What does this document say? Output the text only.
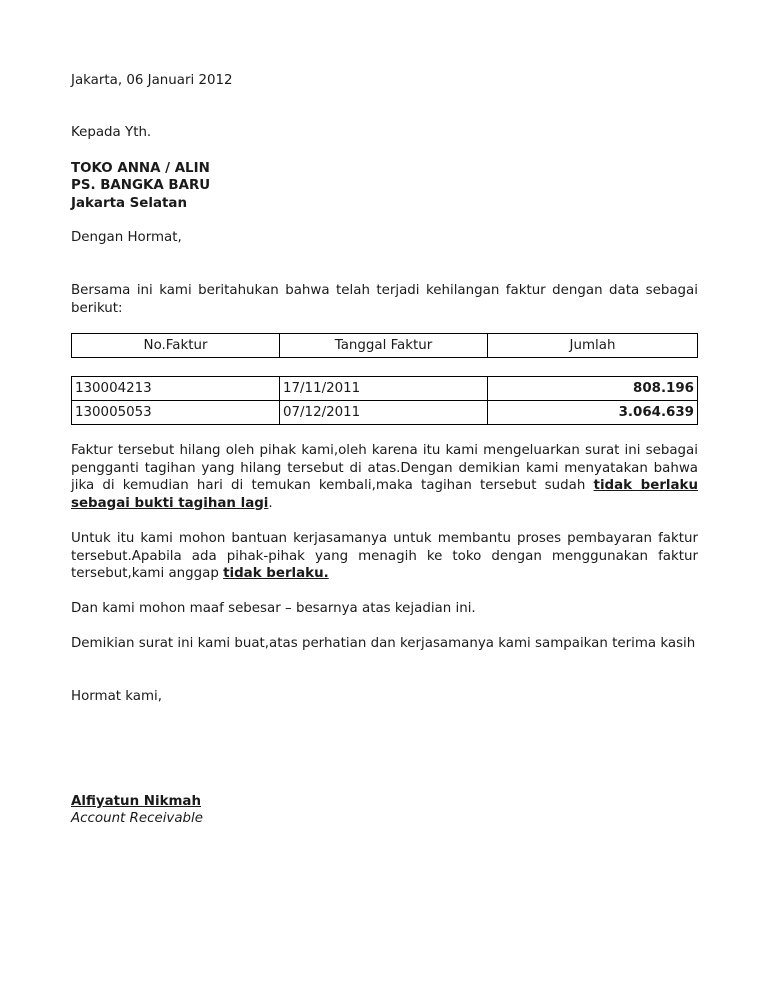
Jakarta, 06 Januari 2012
Kepada Yth.
TOKO ANNA / ALIN
PS. BANGKA BARU
Jakarta Selatan
Dengan Hormat,
Bersama ini kami beritahukan bahwa telah terjadi kehilangan faktur dengan data sebagai berikut:
No.Faktur	Tanggal Faktur	Jumlah
130004213	17/11/2011	808.196
130005053	07/12/2011	3.064.639
Faktur tersebut hilang oleh pihak kami,oleh karena itu kami mengeluarkan surat ini sebagai pengganti tagihan yang hilang tersebut di atas.Dengan demikian kami menyatakan bahwa jika di kemudian hari di temukan kembali,maka tagihan tersebut sudah tidak berlaku sebagai bukti tagihan lagi.
Untuk itu kami mohon bantuan kerjasamanya untuk membantu proses pembayaran faktur tersebut.Apabila ada pihak-pihak yang menagih ke toko dengan menggunakan faktur tersebut,kami anggap tidak berlaku.
Dan kami mohon maaf sebesar – besarnya atas kejadian ini.
Demikian surat ini kami buat,atas perhatian dan kerjasamanya kami sampaikan terima kasih
Hormat kami,
Alfiyatun Nikmah
Account Receivable
